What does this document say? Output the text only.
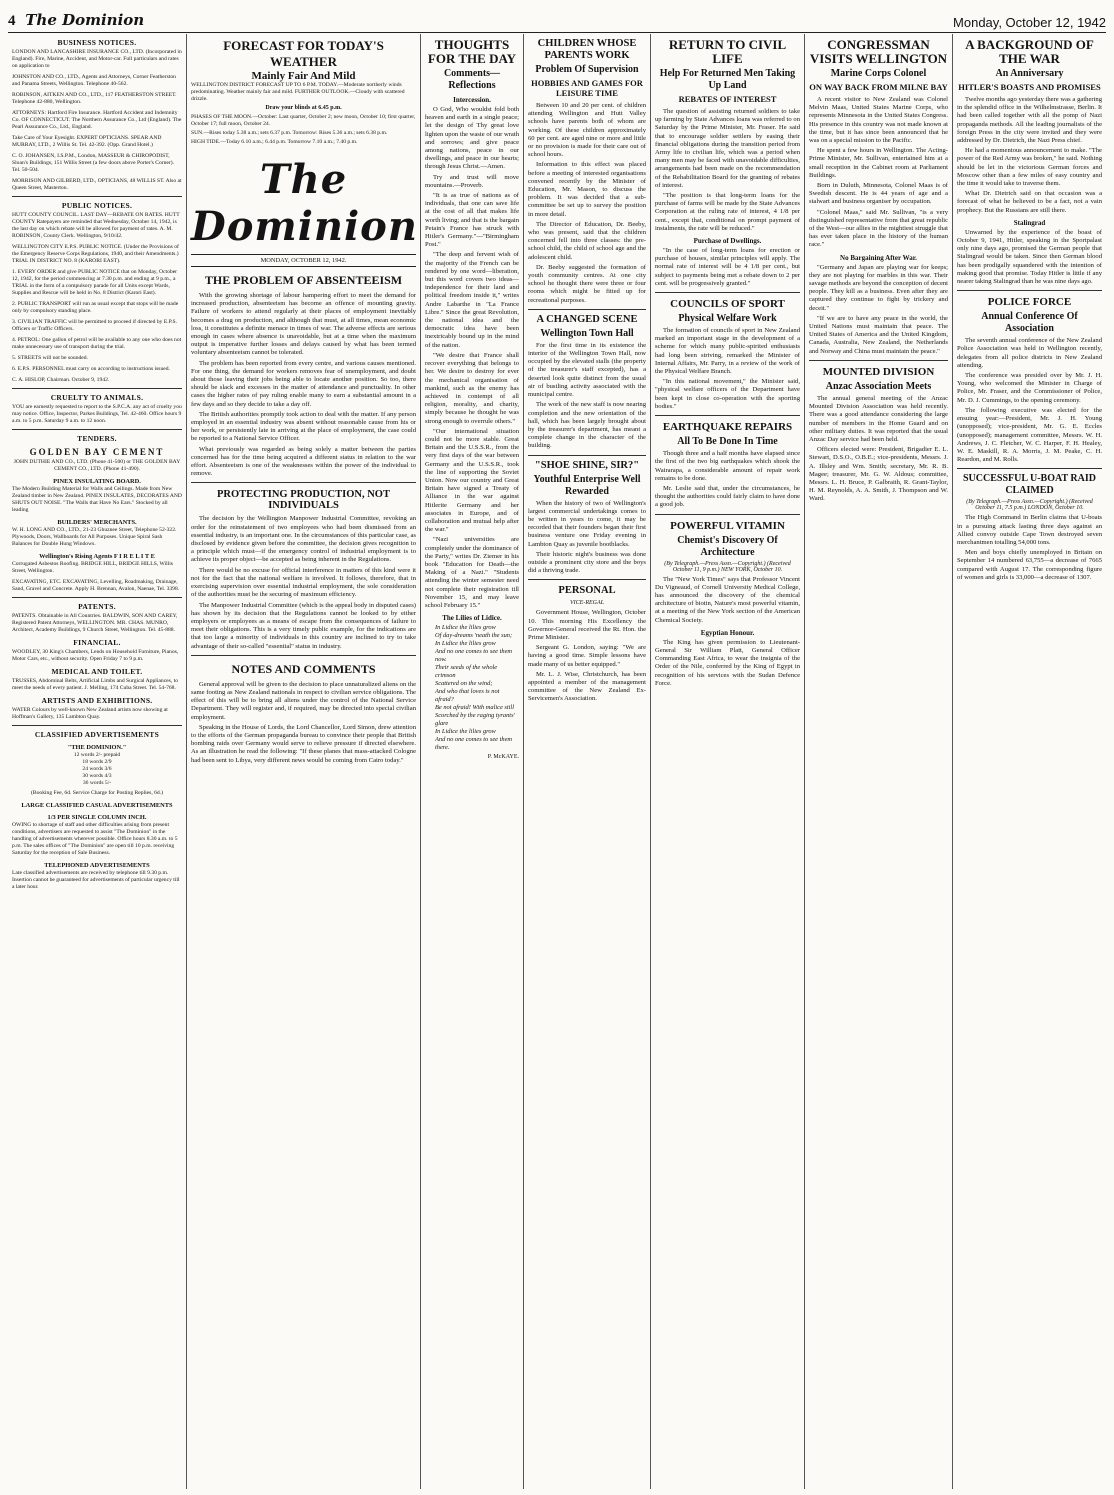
4 The Dominion	Monday, October 12, 1942
BUSINESS NOTICES.

LONDON AND LANCASHIRE INSURANCE CO., LTD. (Incorporated in England). Fire, Marine, Accident, and Motor-car. Full particulars and rates on application to

JOHNSTON AND CO., LTD., Agents and Attorneys, Corner Featherston and Panama Streets, Wellington. Telephone 40-562.

ROBINSON, AITKEN AND CO., LTD., 117 FEATHERSTON STREET. Telephone 42-880, Wellington.

ATTORNEYS: Hartford Fire Insurance. Hartford Accident and Indemnity Co. OF CONNECTICUT. The Northern Assurance Co., Ltd (England). The Pearl Assurance Co., Ltd., England.

Take Care of Your Eyesight. EXPERT OPTICIANS. SPEAR AND MURRAY, LTD., 2 Willis St. Tel. 42-392. (Opp. Grand Hotel.)

C. O. JOHANSEN, I.S.P.M., London, MASSEUR & CHIROPODIST, Sloan's Buildings, 151 Willis Street (a few doors above Porter's Corner). Tel. 50-504.

MORRISON AND GILBERD, LTD., OPTICIANS, 48 WILLIS ST. Also at Queen Street, Masterton.

PUBLIC NOTICES.

HUTT COUNTY COUNCIL. LAST DAY—REBATE ON RATES. HUTT COUNTY Ratepayers are reminded that Wednesday, October 14, 1942, is the last day on which rebate will be allowed for payment of rates. A. M. ROBINSON, County Clerk. Wellington, 9/10/42.

WELLINGTON CITY E.P.S. PUBLIC NOTICE. (Under the Provisions of the Emergency Reserve Corps Regulations, 1940, and their Amendments.) TRIAL IN DISTRICT NO. 8 (KARORI EAST).

1. EVERY ORDER and give PUBLIC NOTICE that on Monday, October 12, 1942, for the period commencing at 7.30 p.m. and ending at 9 p.m., a TRIAL in the form of a compulsory parade for all Units except Wards, Supplies and Rescue will be held in No. 8 District (Karori East).

2. PUBLIC TRANSPORT will run as usual except that stops will be made only by compulsory standing place.

3. CIVILIAN TRAFFIC will be permitted to proceed if directed by E.P.S. Officers or Traffic Officers.

4. PETROL: One gallon of petrol will be available to any one who does not make unnecessary use of transport during the trial.

5. STREETS will not be sounded.

6. E.P.S. PERSONNEL must carry on according to instructions issued.

C. A. HISLOP, Chairman. October 9, 1942.

CRUELTY TO ANIMALS.

YOU are earnestly requested to report to the S.P.C.A. any act of cruelty you may notice. Office, Inspector, Parkes Buildings, Tel. 42-460. Office hours 9 a.m. to 5 p.m. Saturday 9 a.m. to 12 noon.

TENDERS.
GOLDEN BAY CEMENT

JOHN DUTHIE AND CO., LTD. (Phone 41-500) or THE GOLDEN BAY CEMENT CO., LTD. (Phone 41-490).

PINEX INSULATING BOARD.

The Modern Building Material for Walls and Ceilings. Made from New Zealand timber in New Zealand. PINEX INSULATES, DECORATES AND SHUTS OUT NOISE. "The Walls that Have No Ears." Stocked by all leading

BUILDERS' MERCHANTS.

W. H. LONG AND CO., LTD., 21-23 Ghuznee Street, Telephone 52-322. Plywoods, Doors, Wallboards for All Purposes. Unique Spiral Sash Balances for Double Hung Windows.

Wellington's Rising Agents F I R E L I T E

Corrugated Asbestos Roofing. BRIDGE HILL, BRIDGE HILLS, Willis Street, Wellington.

EXCAVATING, ETC. EXCAVATING, Levelling, Roadmaking, Drainage, Sand, Gravel and Concrete. Apply H. Brennan, Avalon, Naenae, Tel. 3398.

PATENTS.

PATENTS. Obtainable in All Countries. BALDWIN, SON AND CAREY, Registered Patent Attorneys, WELLINGTON. MR. CHAS. MUNRO, Architect, Academy Buildings, 9 Church Street, Wellington. Tel. 45-888.

FINANCIAL.

WOODLEY, 30 King's Chambers, Lends on Household Furniture, Pianos, Motor Cars, etc., without security. Open Friday 7 to 9 p.m.

MEDICAL AND TOILET.

TRUSSES, Abdominal Belts, Artificial Limbs and Surgical Appliances, to meet the needs of every patient. J. Melling, 174 Cuba Street. Tel. 54-768.

ARTISTS AND EXHIBITIONS.

WATER Colours by well-known New Zealand artists now showing at Hoffman's Gallery, 135 Lambton Quay.

CLASSIFIED ADVERTISEMENTS
"THE DOMINION."

12 words 2/- prepaid

18 words 2/9

24 words 3/6

30 words 4/3

36 words 5/-

(Booking Fee, 6d. Service Charge for Posting Replies, 6d.)

LARGE CLASSIFIED CASUAL ADVERTISEMENTS
1/3 PER SINGLE COLUMN INCH.

OWING to shortage of staff and other difficulties arising from present conditions, advertisers are requested to assist "The Dominion" in the handling of advertisements wherever possible. Office hours 8.30 a.m. to 5 p.m. The sales offices of "The Dominion" are open till 10 p.m. receiving Saturday for the reception of Sale Business.

TELEPHONED ADVERTISEMENTS

Late classified advertisements are received by telephone till 9.30 p.m. Insertion cannot be guaranteed for advertisements of particular urgency till a later hour.

FORECAST FOR TODAY'S WEATHER
Mainly Fair And Mild

WELLINGTON DISTRICT FORECAST UP TO 6 P.M. TODAY.—Moderate northerly winds predominating. Weather mainly fair and mild. FURTHER OUTLOOK.—Cloudy with scattered drizzle.

Draw your blinds at 6.45 p.m.

PHASES OF THE MOON.—October: Last quarter, October 2; new moon, October 10; first quarter, October 17; full moon, October 24.

SUN.—Rises today 5.38 a.m.; sets 6.37 p.m. Tomorrow: Rises 5.36 a.m.; sets 6.38 p.m.

HIGH TIDE.—Today 6.10 a.m.; 6.44 p.m. Tomorrow 7.10 a.m.; 7.40 p.m.

The Dominion
MONDAY, OCTOBER 12, 1942.
THE PROBLEM OF ABSENTEEISM

With the growing shortage of labour hampering effort to meet the demand for increased production, absenteeism has become an offence of mounting gravity. Failure of workers to attend regularly at their places of employment inevitably becomes a drag on production, and although that must, at all times, mean economic loss, it constitutes a definite menace in times of war. The adverse effects are serious enough in cases where absence is unavoidable, but at a time when the maximum output is imperative further losses and delays caused by what has been termed voluntary absenteeism cannot be tolerated.

The problem has been reported from every centre, and various causes mentioned. For one thing, the demand for workers removes fear of unemployment, and doubt about those leaving their jobs being able to locate another position. So too, there should be slack and excesses in the matter of attendance and punctuality. In other cases the higher rates of pay ruling enable many to earn a substantial amount in a few days and so they decide to take a day off.

The British authorities promptly took action to deal with the matter. If any person employed in an essential industry was absent without reasonable cause from his or her work, or persistently late in arriving at the place of employment, the case could be reported to a National Service Officer.

What previously was regarded as being solely a matter between the parties concerned has for the time being acquired a different status in relation to the war effort. Absenteeism is one of the weaknesses within the power of the individual to remove.

PROTECTING PRODUCTION, NOT INDIVIDUALS

The decision by the Wellington Manpower Industrial Committee, revoking an order for the reinstatement of two employees who had been dismissed from an essential industry, is an important one. In the circumstances of this particular case, as disclosed by evidence given before the committee, the decision gives recognition to a principle which must—if the emergency control of industrial employment is to achieve its proper object—be accepted as being inherent in the Regulations.

There would be no excuse for official interference in matters of this kind were it not for the fact that the national welfare is involved. It follows, therefore, that in exercising supervision over essential industrial employment, the sole consideration of the authorities must be the securing of maximum efficiency.

The Manpower Industrial Committee (which is the appeal body in disputed cases) has shown by its decision that the Regulations cannot be looked to by either employers or employees as a means of escape from the consequences of failure to meet their obligations. This is a very timely public example, for the indications are that too large a minority of individuals in this country are inclined to try to take advantage of their so-called "essential" status in industry.

NOTES AND COMMENTS

General approval will be given to the decision to place unnaturalized aliens on the same footing as New Zealand nationals in respect to civilian service obligations. The effect of this will be to bring all aliens under the control of the National Service Department. They will register and, if required, may be directed into special civilian employment.

Speaking in the House of Lords, the Lord Chancellor, Lord Simon, drew attention to the efforts of the German propaganda bureau to convince their people that British bombing raids over Germany would serve to relieve pressure if directed elsewhere. As an illustration he read the following: "If these planes that mass-attacked Cologne had been sent to Libya, very different news would be coming from Cairo today."

THOUGHTS FOR THE DAY
Comments—Reflections
Intercession.

O God, Who wouldst fold both heaven and earth in a single peace; let the design of Thy great love lighten upon the waste of our wrath and sorrows; and give peace among nations, peace in our dwellings, and peace in our hearts; through Jesus Christ.—Amen.

Try and trust will move mountains.—Proverb.

"It is as true of nations as of individuals, that one can save life at the cost of all that makes life worth living; and that is the bargain Petain's France has struck with Hitler's Germany."—"Birmingham Post."

"The deep and fervent wish of the majority of the French can be rendered by one word—liberation, but this word covers two ideas—independence for their land and political freedom inside it," writes Andre Labarthe in "La France Libre." Since the great Revolution, the national idea and the democratic idea have been inextricably bound up in the mind of the nation.

"We desire that France shall recover everything that belongs to her. We desire to destroy for ever the mechanical organisation of mankind, such as the enemy has achieved in contempt of all religion, morality, and charity, simply because he thought he was strong enough to overrule others."

"Our international situation could not be more stable. Great Britain and the U.S.S.R., from the very first days of the war between Germany and the U.S.S.R., took the line of supporting the Soviet Union. Now our country and Great Britain have signed a Treaty of Alliance in the war against Hitlerite Germany and her associates in Europe, and of collaboration and mutual help after the war."

"Nazi universities are completely under the dominance of the Party," writes Dr. Ziemer in his book "Education for Death—the Making of a Nazi." "Students attending the winter semester need not complete their registration till November 15, and may leave school February 15."

The Lilies of Lidice.
In Lidice the lilies grow
Of day-dreams 'neath the sun;
In Lidice the lilies grow
And no one comes to see them now.
Their seeds of the whole crimson
Scattered on the wind;
And who that loves is not afraid?
Be not afraid! With malice still
Scorched by the raging tyrants' glare
In Lidice the lilies grow
And no one comes to see them there.
P. McKAYE.
CHILDREN WHOSE PARENTS WORK
Problem Of Supervision
HOBBIES AND GAMES FOR LEISURE TIME

Between 10 and 20 per cent. of children attending Wellington and Hutt Valley schools have parents both of whom are working. Of these children approximately 60 per cent. are aged nine or more and little or no provision is made for their care out of school hours.

Information to this effect was placed before a meeting of interested organisations convened recently by the Minister of Education, Mr. Mason, to discuss the problem. It was decided that a sub-committee be set up to survey the position in more detail.

The Director of Education, Dr. Beeby, who was present, said that the children concerned fell into three classes: the pre-school child, the child of school age and the adolescent child.

Dr. Beeby suggested the formation of youth community centres. At one city school he thought there were three or four rooms which might be fitted up for recreational purposes.

A CHANGED SCENE
Wellington Town Hall

For the first time in its existence the interior of the Wellington Town Hall, now occupied by the elevated stalls (the property of the treasurer's staff excepted), has a deserted look quite distinct from the usual air of bustling activity associated with the municipal centre.

The work of the new staff is now nearing completion and the new orientation of the hall, which has been largely brought about by the treasurer's department, has meant a complete change in the character of the building.

"SHOE SHINE, SIR?"
Youthful Enterprise Well Rewarded

When the history of two of Wellington's largest commercial undertakings comes to be written in years to come, it may be recorded that their founders began their first business venture one Friday evening in Lambton Quay as juvenile bootblacks.

Their historic night's business was done outside a prominent city store and the boys did a thriving trade.

PERSONAL
VICE-REGAL

Government House, Wellington, October 10. This morning His Excellency the Governor-General received the Rt. Hon. the Prime Minister.

Sergeant G. London, saying: "We are having a good time. Simple lessons have made many of us better equipped."

Mr. L. J. Wise, Christchurch, has been appointed a member of the management committee of the New Zealand Ex-Servicemen's Association.

RETURN TO CIVIL LIFE
Help For Returned Men Taking Up Land
REBATES OF INTEREST

The question of assisting returned soldiers to take up farming by State Advances loans was referred to on Saturday by the Prime Minister, Mr. Fraser. He said that to encourage soldier settlers by easing their financial obligations during the transition period from Army life to civilian life, which was a period when many men may be faced with unavoidable difficulties, arrangements had been made on the recommendation of the Rehabilitation Board for the granting of rebates of interest.

"The position is that long-term loans for the purchase of farms will be made by the State Advances Corporation at the ruling rate of interest, 4 1/8 per cent., except that, conditional on prompt payment of instalments, the rate will be reduced."

Purchase of Dwellings.

"In the case of long-term loans for erection or purchase of houses, similar principles will apply. The normal rate of interest will be 4 1/8 per cent., but subject to payments being met a rebate down to 2 per cent. will be progressively granted."

COUNCILS OF SPORT
Physical Welfare Work

The formation of councils of sport in New Zealand marked an important stage in the development of a scheme for which many public-spirited enthusiasts had long been striving, remarked the Minister of Internal Affairs, Mr. Parry, in a review of the work of the Physical Welfare Branch.

"In this national movement," the Minister said, "physical welfare officers of the Department have been kept in close co-operation with the sporting bodies."

EARTHQUAKE REPAIRS
All To Be Done In Time

Though three and a half months have elapsed since the first of the two big earthquakes which shook the Wairarapa, a considerable amount of repair work remains to be done.

Mr. Leslie said that, under the circumstances, he thought the authorities could fairly claim to have done a good job.

POWERFUL VITAMIN
Chemist's Discovery Of Architecture
(By Telegraph.—Press Assn.—Copyright.) (Received October 11, 9 p.m.) NEW YORK, October 10.

The "New York Times" says that Professor Vincent Du Vigneaud, of Cornell University Medical College, has announced the discovery of the chemical architecture of biotin, Nature's most powerful vitamin, at a meeting of the New York section of the American Chemical Society.

Egyptian Honour.

The King has given permission to Lieutenant-General Sir William Platt, General Officer Commanding East Africa, to wear the insignia of the Order of the Nile, conferred by the King of Egypt in recognition of his services with the Sudan Defence Force.

CONGRESSMAN VISITS WELLINGTON
Marine Corps Colonel
ON WAY BACK FROM MILNE BAY

A recent visitor to New Zealand was Colonel Melvin Maas, United States Marine Corps, who represents Minnesota in the United States Congress. His presence in this country was not made known at the time, but it has since been announced that he was on a special mission to the Pacific.

He spent a few hours in Wellington. The Acting-Prime Minister, Mr. Sullivan, entertained him at a small reception in the Cabinet room at Parliament Buildings.

Born in Duluth, Minnesota, Colonel Maas is of Swedish descent. He is 44 years of age and a stalwart and business organiser by occupation.

"Colonel Maas," said Mr. Sullivan, "is a very distinguished representative from that great republic of the West—our allies in the mightiest struggle that has ever taken place in the history of the human race."

No Bargaining After War.

"Germany and Japan are playing war for keeps; they are not playing for marbles in this war. Their savage methods are beyond the conception of decent people. They kill as a business. Even after they are captured they continue to fight by trickery and deceit."

"If we are to have any peace in the world, the United Nations must maintain that peace. The United States of America and the United Kingdom, Canada, Australia, New Zealand, the Netherlands and Norway and China must maintain the peace."

MOUNTED DIVISION
Anzac Association Meets

The annual general meeting of the Anzac Mounted Division Association was held recently. There was a good attendance considering the large number of members in the Home Guard and on other military duties. It was reported that the usual Anzac Day service had been held.

Officers elected were: President, Brigadier E. L. Stewart, D.S.O., O.B.E.; vice-presidents, Messrs. J. A. Illsley and Wm. Smith; secretary, Mr. R. B. Magee; treasurer, Mr. G. W. Aldous; committee, Messrs. L. H. Bruce, P. Galbraith, R. Grant-Taylor, H. M. Reynolds, A. A. Smith, J. Thompson and W. Ward.

A BACKGROUND OF THE WAR
An Anniversary
HITLER'S BOASTS AND PROMISES

Twelve months ago yesterday there was a gathering in the splendid office in the Wilhelmstrasse, Berlin. It had been called together with all the pomp of Nazi propaganda methods. All the leading journalists of the foreign Press in the city were invited and they were addressed by Dr. Dietrich, the Nazi Press chief.

He had a momentous announcement to make. "The power of the Red Army was broken," he said. Nothing should be let in the victorious German forces and Moscow other than a few miles of easy country and the time it would take to traverse them.

What Dr. Dietrich said on that occasion was a forecast of what he believed to be a fact, not a vain prophecy. But the Russians are still there.

Stalingrad

Unwarned by the experience of the boast of October 9, 1941, Hitler, speaking in the Sportpalast only nine days ago, promised the German people that Stalingrad would be taken. Since then German blood has been prodigally squandered with the intention of making good that promise. Today Hitler is little if any nearer taking Stalingrad than he was nine days ago.

POLICE FORCE
Annual Conference Of Association

The seventh annual conference of the New Zealand Police Association was held in Wellington recently, delegates from all police districts in New Zealand attending.

The conference was presided over by Mr. J. H. Young, who welcomed the Minister in Charge of Police, Mr. Fraser, and the Commissioner of Police, Mr. D. J. Cummings, to the opening ceremony.

The following executive was elected for the ensuing year:—President, Mr. J. H. Young (unopposed); vice-president, Mr. G. E. Eccles (unopposed); management committee, Messrs. W. H. Andrews, J. C. Fletcher, W. C. Harper, F. H. Healey, W. E. Maskill, R. A. Morris, J. M. Peake, C. H. Reardon, and M. Rolls.

SUCCESSFUL U-BOAT RAID CLAIMED
(By Telegraph.—Press Assn.—Copyright.) (Received October 11, 7.5 p.m.) LONDON, October 10.

The High Command in Berlin claims that U-boats in a pursuing attack lasting three days against an Allied convoy outside Cape Town destroyed seven merchantmen totalling 54,000 tons.

Men and boys chiefly unemployed in Britain on September 14 numbered 63,755—a decrease of 7665 compared with August 17. The corresponding figure of women and girls is 33,000—a decrease of 1307.
